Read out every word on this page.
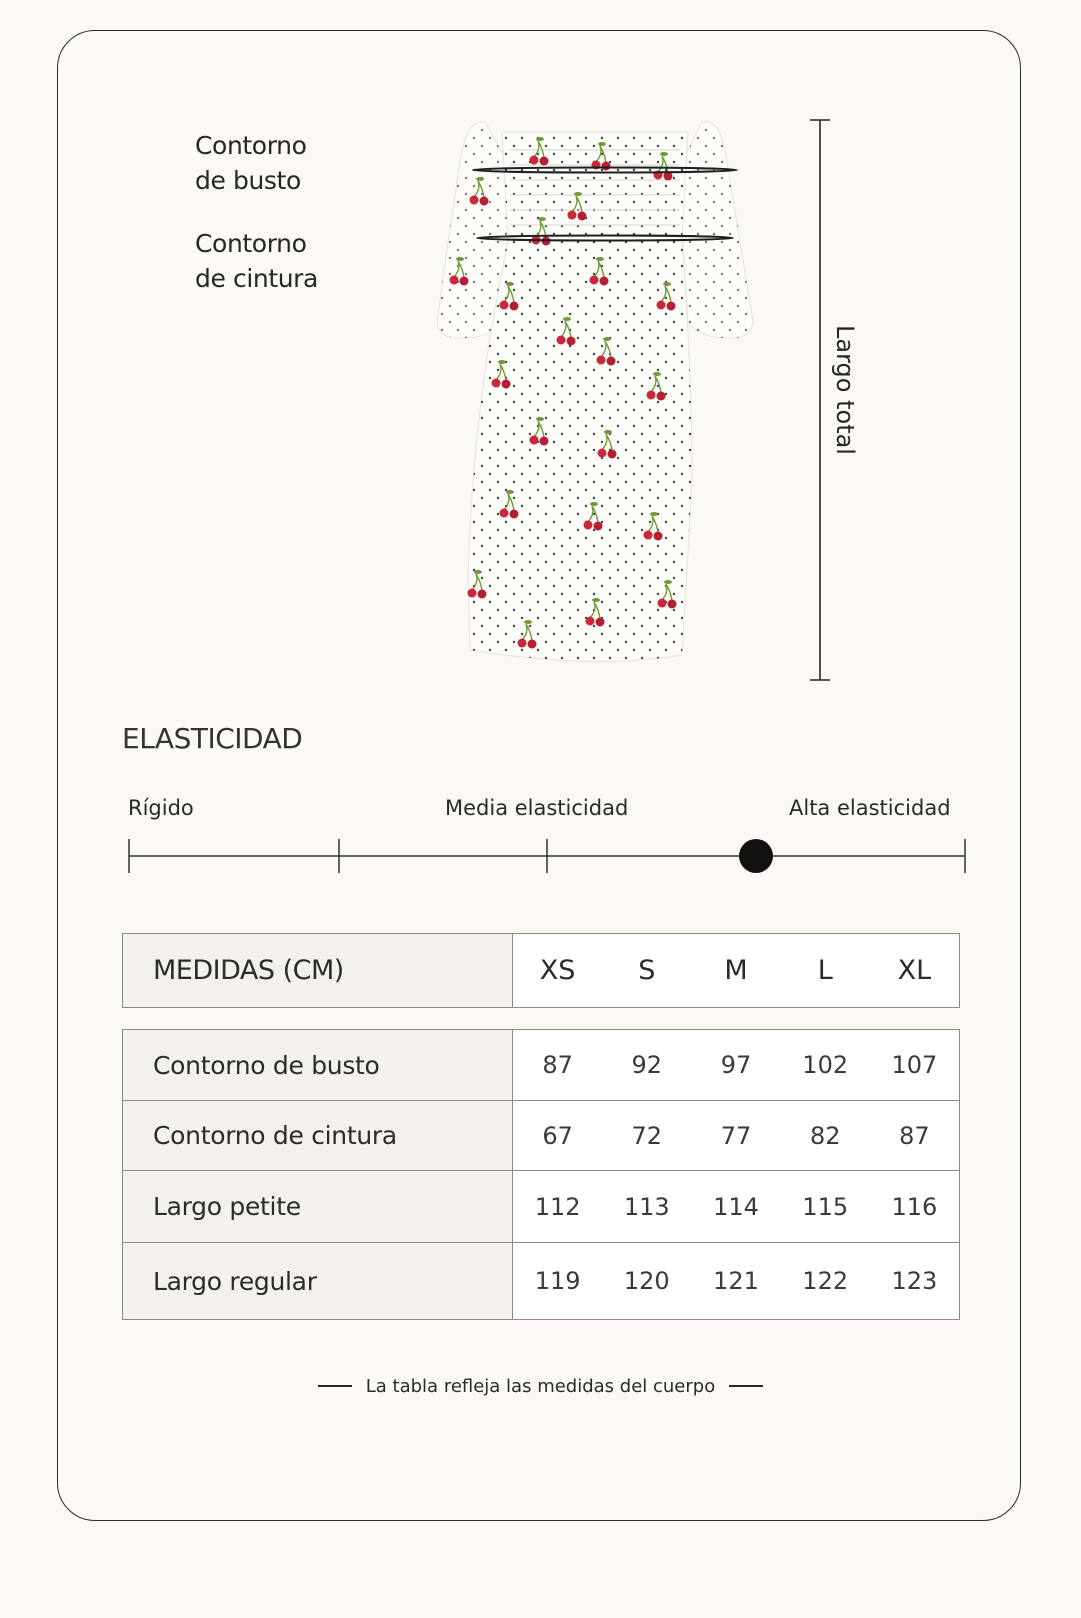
Contorno
de busto
Contorno
de cintura
Largo total
ELASTICIDAD
Rígido	Media elasticidad	Alta elasticidad
MEDIDAS (CM)	XS	S	M	L	XL
Contorno de busto	87 92 97 102 107

Contorno de cintura	67 72 77 82 87

Largo petite	112 113 114 115 116

Largo regular	119 120 121 122 123
La tabla refleja las medidas del cuerpo
